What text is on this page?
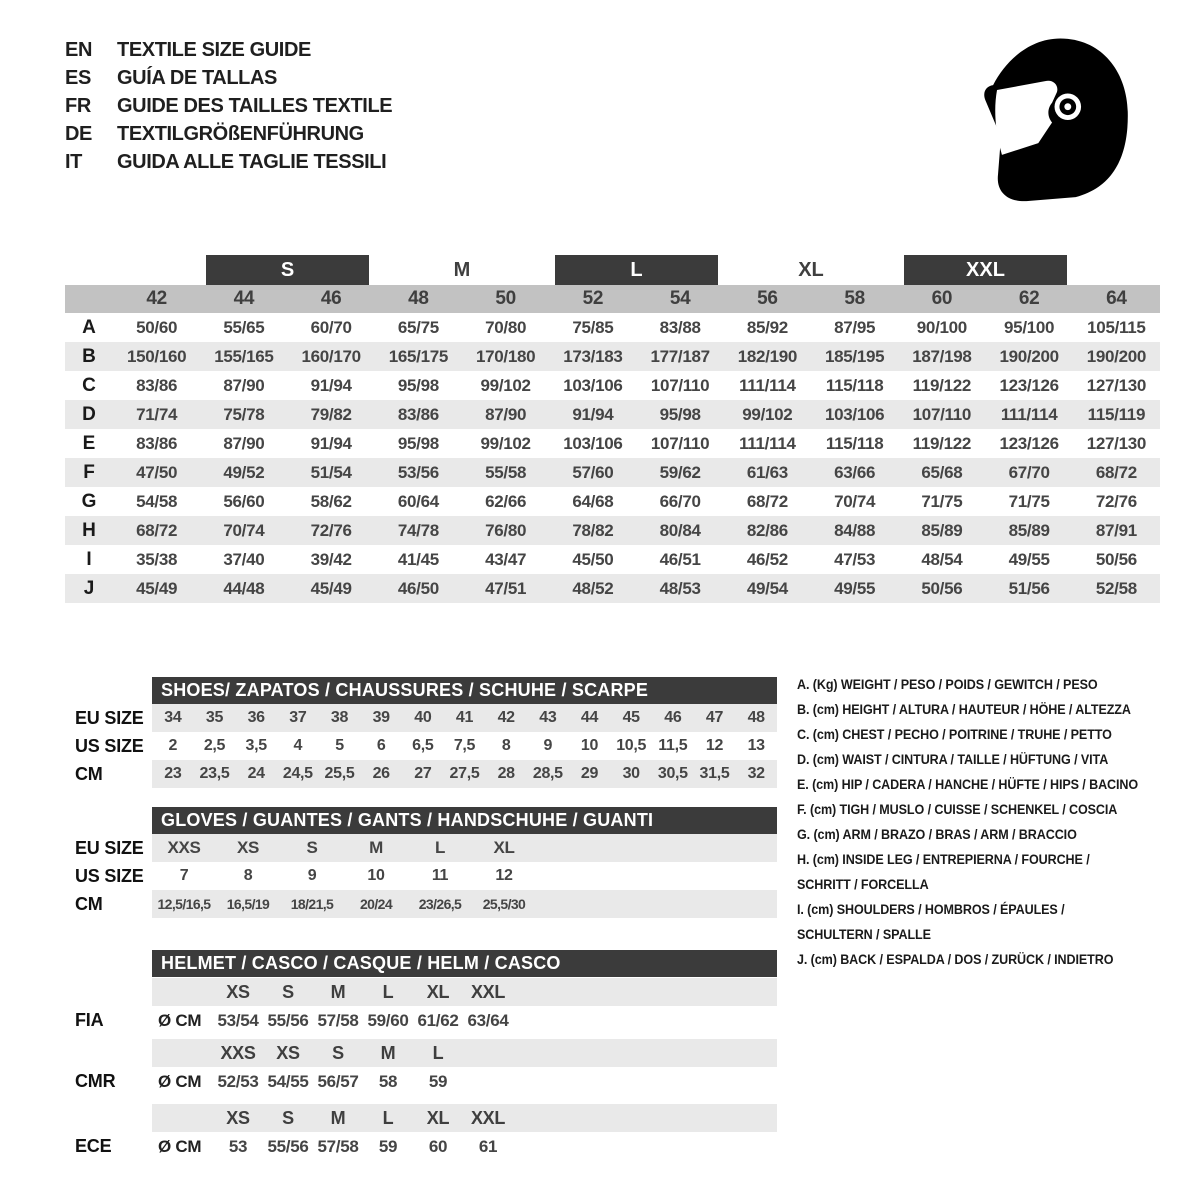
EN	TEXTILE SIZE GUIDE
ES	GUÍA DE TALLAS
FR	GUIDE DES TAILLES TEXTILE
DE	TEXTILGRÖßENFÜHRUNG
IT	GUIDA ALLE TAGLIE TESSILI
S	M	L	XL	XXL
42	44	46	48	50	52	54	56	58	60	62	64
A	50/60	55/65	60/70	65/75	70/80	75/85	83/88	85/92	87/95	90/100	95/100	105/115
B	150/160	155/165	160/170	165/175	170/180	173/183	177/187	182/190	185/195	187/198	190/200	190/200
C	83/86	87/90	91/94	95/98	99/102	103/106	107/110	111/114	115/118	119/122	123/126	127/130
D	71/74	75/78	79/82	83/86	87/90	91/94	95/98	99/102	103/106	107/110	111/114	115/119
E	83/86	87/90	91/94	95/98	99/102	103/106	107/110	111/114	115/118	119/122	123/126	127/130
F	47/50	49/52	51/54	53/56	55/58	57/60	59/62	61/63	63/66	65/68	67/70	68/72
G	54/58	56/60	58/62	60/64	62/66	64/68	66/70	68/72	70/74	71/75	71/75	72/76
H	68/72	70/74	72/76	74/78	76/80	78/82	80/84	82/86	84/88	85/89	85/89	87/91
I	35/38	37/40	39/42	41/45	43/47	45/50	46/51	46/52	47/53	48/54	49/55	50/56
J	45/49	44/48	45/49	46/50	47/51	48/52	48/53	49/54	49/55	50/56	51/56	52/58
SHOES/ ZAPATOS / CHAUSSURES / SCHUHE / SCARPE
EU SIZE	34	35	36	37	38	39	40	41	42	43	44	45	46	47	48
US SIZE	2	2,5	3,5	4	5	6	6,5	7,5	8	9	10	10,5 11,5	12	13
CM	23	23,5	24	24,5 25,5	26	27	27,5	28	28,5	29	30	30,5 31,5	32
GLOVES / GUANTES / GANTS / HANDSCHUHE / GUANTI
EU SIZE	XXS	XS	S	M	L	XL
US SIZE	7	8	9	10	11	12
CM	12,5/16,5	16,5/19	18/21,5	20/24	23/26,5	25,5/30
HELMET / CASCO / CASQUE / HELM / CASCO
XS	S	M	L	XL	XXL
FIA	Ø CM 53/54 55/56 57/58 59/60 61/62 63/64
XXS	XS	S	M	L
CMR	Ø CM 52/53 54/55 56/57	58	59
XS	S	M	L	XL	XXL
ECE	Ø CM	53	55/56 57/58	59	60	61
A. (Kg) WEIGHT / PESO / POIDS / GEWITCH / PESO
B. (cm) HEIGHT / ALTURA / HAUTEUR / HÖHE / ALTEZZA
C. (cm) CHEST / PECHO / POITRINE / TRUHE / PETTO
D. (cm) WAIST / CINTURA / TAILLE / HÜFTUNG / VITA
E. (cm) HIP / CADERA / HANCHE / HÜFTE / HIPS / BACINO
F. (cm) TIGH / MUSLO / CUISSE / SCHENKEL / COSCIA
G. (cm) ARM / BRAZO / BRAS / ARM / BRACCIO
H. (cm) INSIDE LEG / ENTREPIERNA / FOURCHE / SCHRITT / FORCELLA
I. (cm) SHOULDERS / HOMBROS / ÉPAULES / SCHULTERN / SPALLE
J. (cm) BACK / ESPALDA / DOS / ZURÜCK / INDIETRO
